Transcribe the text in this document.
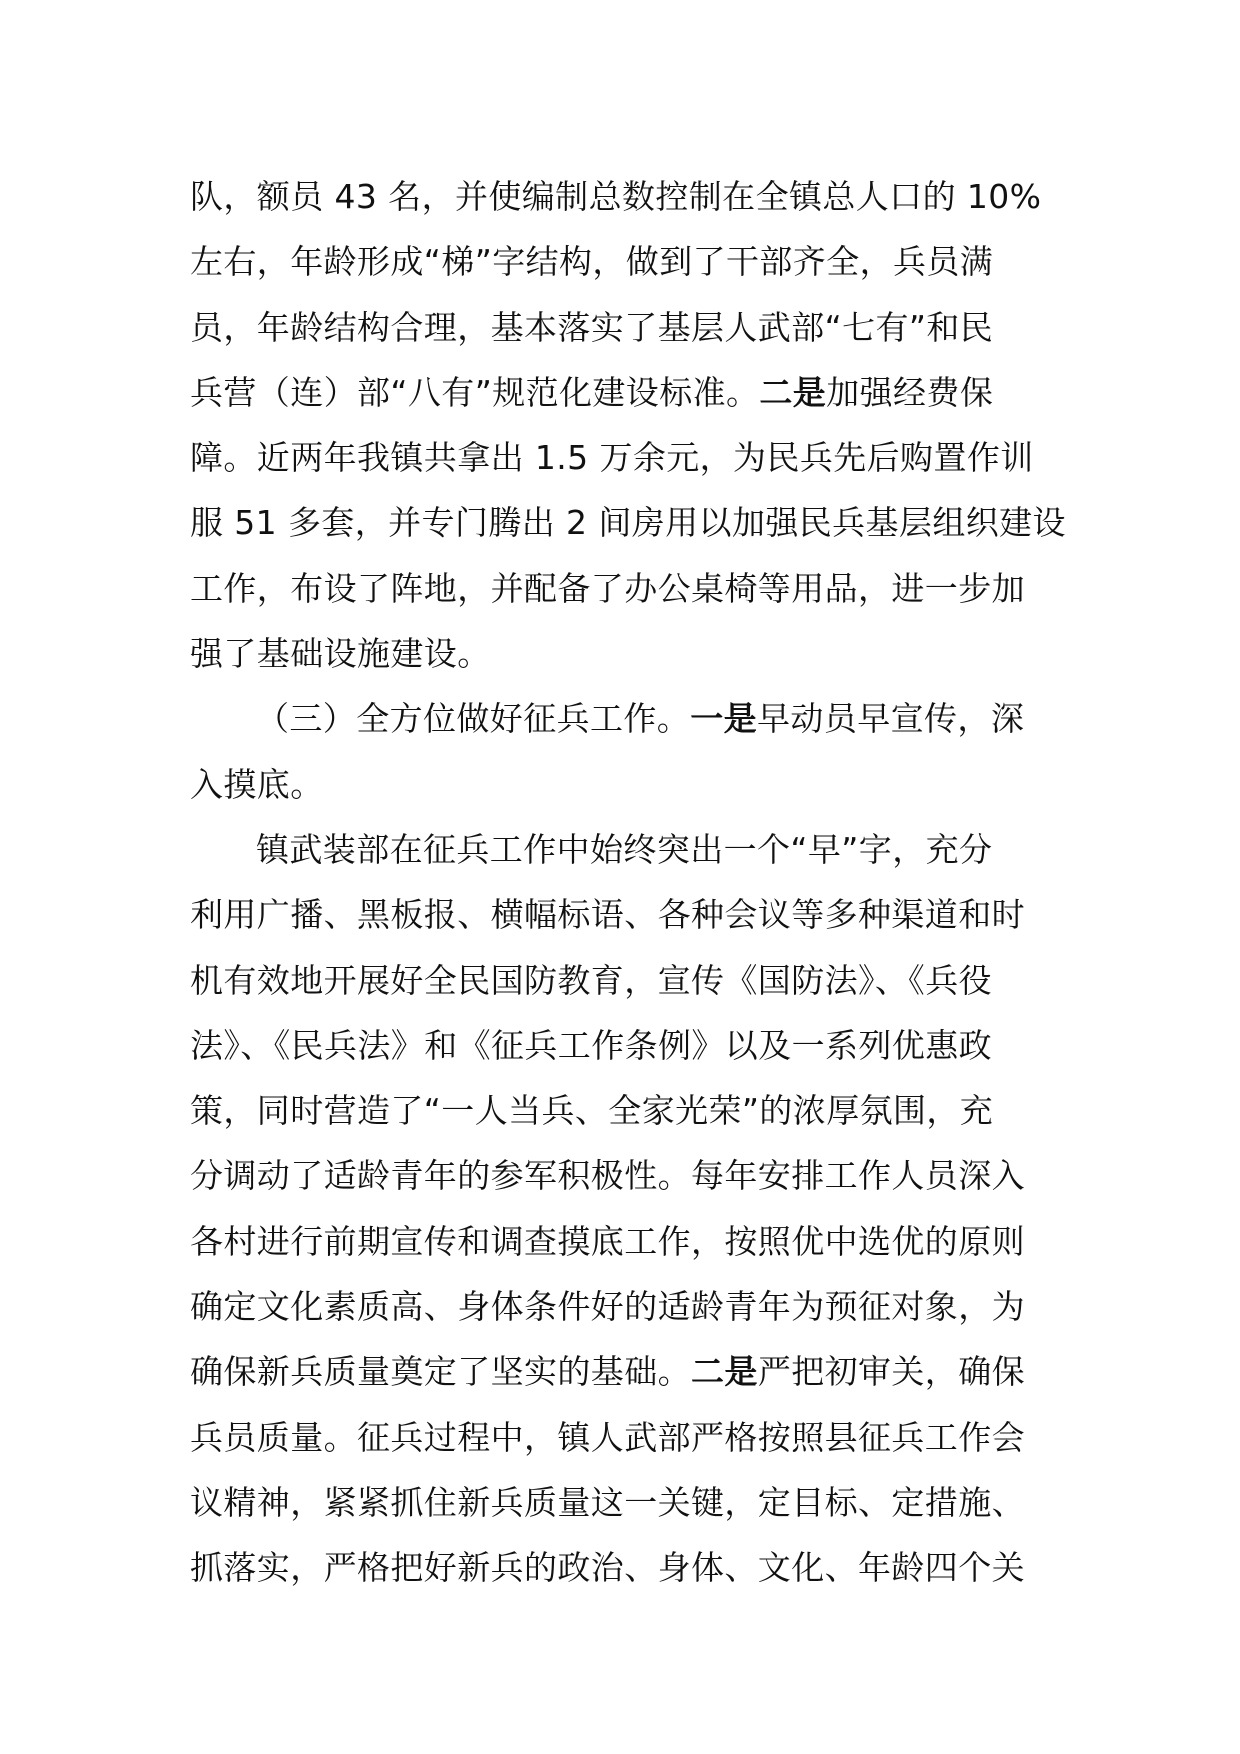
队，额员 43 名，并使编制总数控制在全镇总人口的 10%
左右，年龄形成“梯”字结构，做到了干部齐全，兵员满
员，年龄结构合理，基本落实了基层人武部“七有”和民
兵营（连）部“八有”规范化建设标准。二是加强经费保
障。近两年我镇共拿出 1.5 万余元，为民兵先后购置作训
服 51 多套，并专门腾出 2 间房用以加强民兵基层组织建设
工作，布设了阵地，并配备了办公桌椅等用品，进一步加
强了基础设施建设。
（三）全方位做好征兵工作。一是早动员早宣传，深
入摸底。
镇武装部在征兵工作中始终突出一个“早”字，充分
利用广播、黑板报、横幅标语、各种会议等多种渠道和时
机有效地开展好全民国防教育，宣传《国防法》、《兵役
法》、《民兵法》和《征兵工作条例》以及一系列优惠政
策，同时营造了“一人当兵、全家光荣”的浓厚氛围，充
分调动了适龄青年的参军积极性。每年安排工作人员深入
各村进行前期宣传和调查摸底工作，按照优中选优的原则
确定文化素质高、身体条件好的适龄青年为预征对象，为
确保新兵质量奠定了坚实的基础。二是严把初审关，确保
兵员质量。征兵过程中，镇人武部严格按照县征兵工作会
议精神，紧紧抓住新兵质量这一关键，定目标、定措施、
抓落实，严格把好新兵的政治、身体、文化、年龄四个关
